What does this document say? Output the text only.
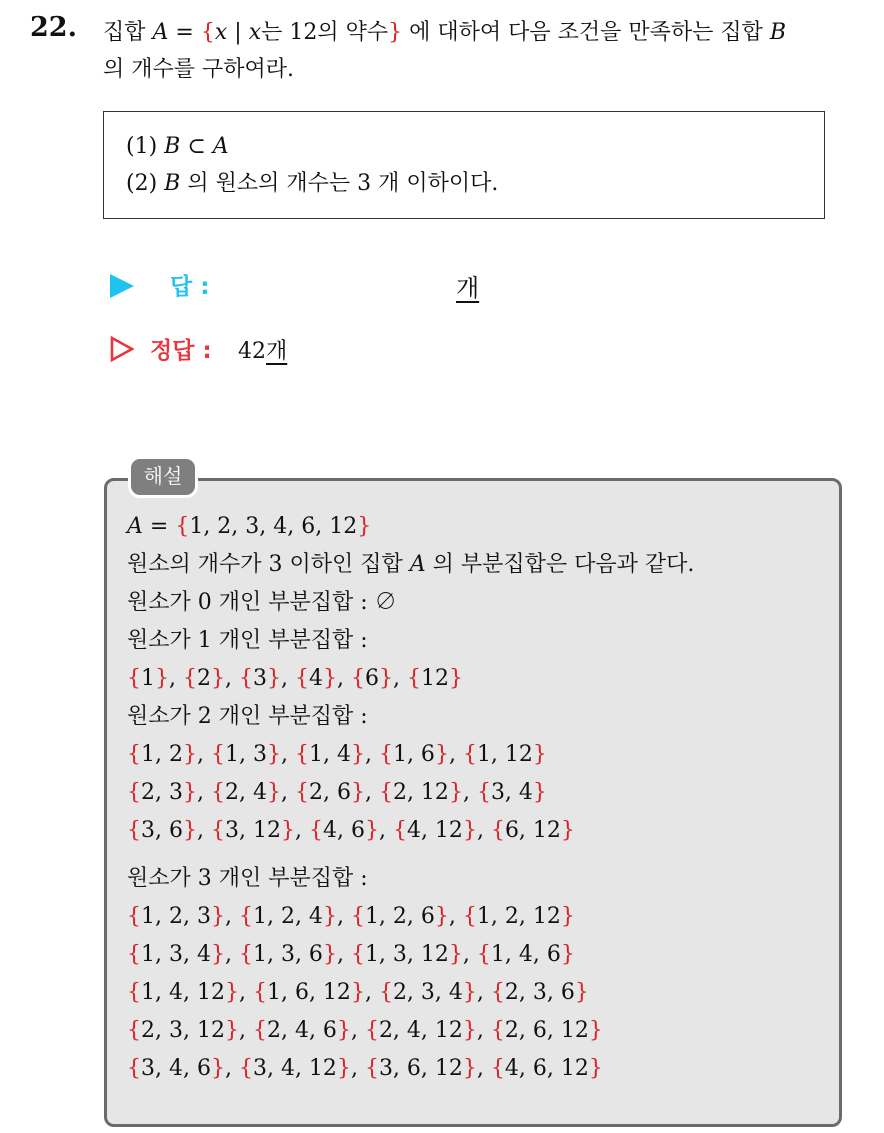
22. 집합 A = {x | x는 12의 약수} 에 대하여 다음 조건을 만족하는 집합 B
의 개수를 구하여라.
(1) B ⊂ A
(2) B 의 원소의 개수는 3 개 이하이다.
답 :	개
정답 : 42개
해설
A = {1, 2, 3, 4, 6, 12}
원소의 개수가 3 이하인 집합 A 의 부분집합은 다음과 같다.
원소가 0 개인 부분집합 : ∅
원소가 1 개인 부분집합 :
{1}, {2}, {3}, {4}, {6}, {12}
원소가 2 개인 부분집합 :
{1, 2}, {1, 3}, {1, 4}, {1, 6}, {1, 12}
{2, 3}, {2, 4}, {2, 6}, {2, 12}, {3, 4}
{3, 6}, {3, 12}, {4, 6}, {4, 12}, {6, 12}
원소가 3 개인 부분집합 :
{1, 2, 3}, {1, 2, 4}, {1, 2, 6}, {1, 2, 12}
{1, 3, 4}, {1, 3, 6}, {1, 3, 12}, {1, 4, 6}
{1, 4, 12}, {1, 6, 12}, {2, 3, 4}, {2, 3, 6}
{2, 3, 12}, {2, 4, 6}, {2, 4, 12}, {2, 6, 12}
{3, 4, 6}, {3, 4, 12}, {3, 6, 12}, {4, 6, 12}
